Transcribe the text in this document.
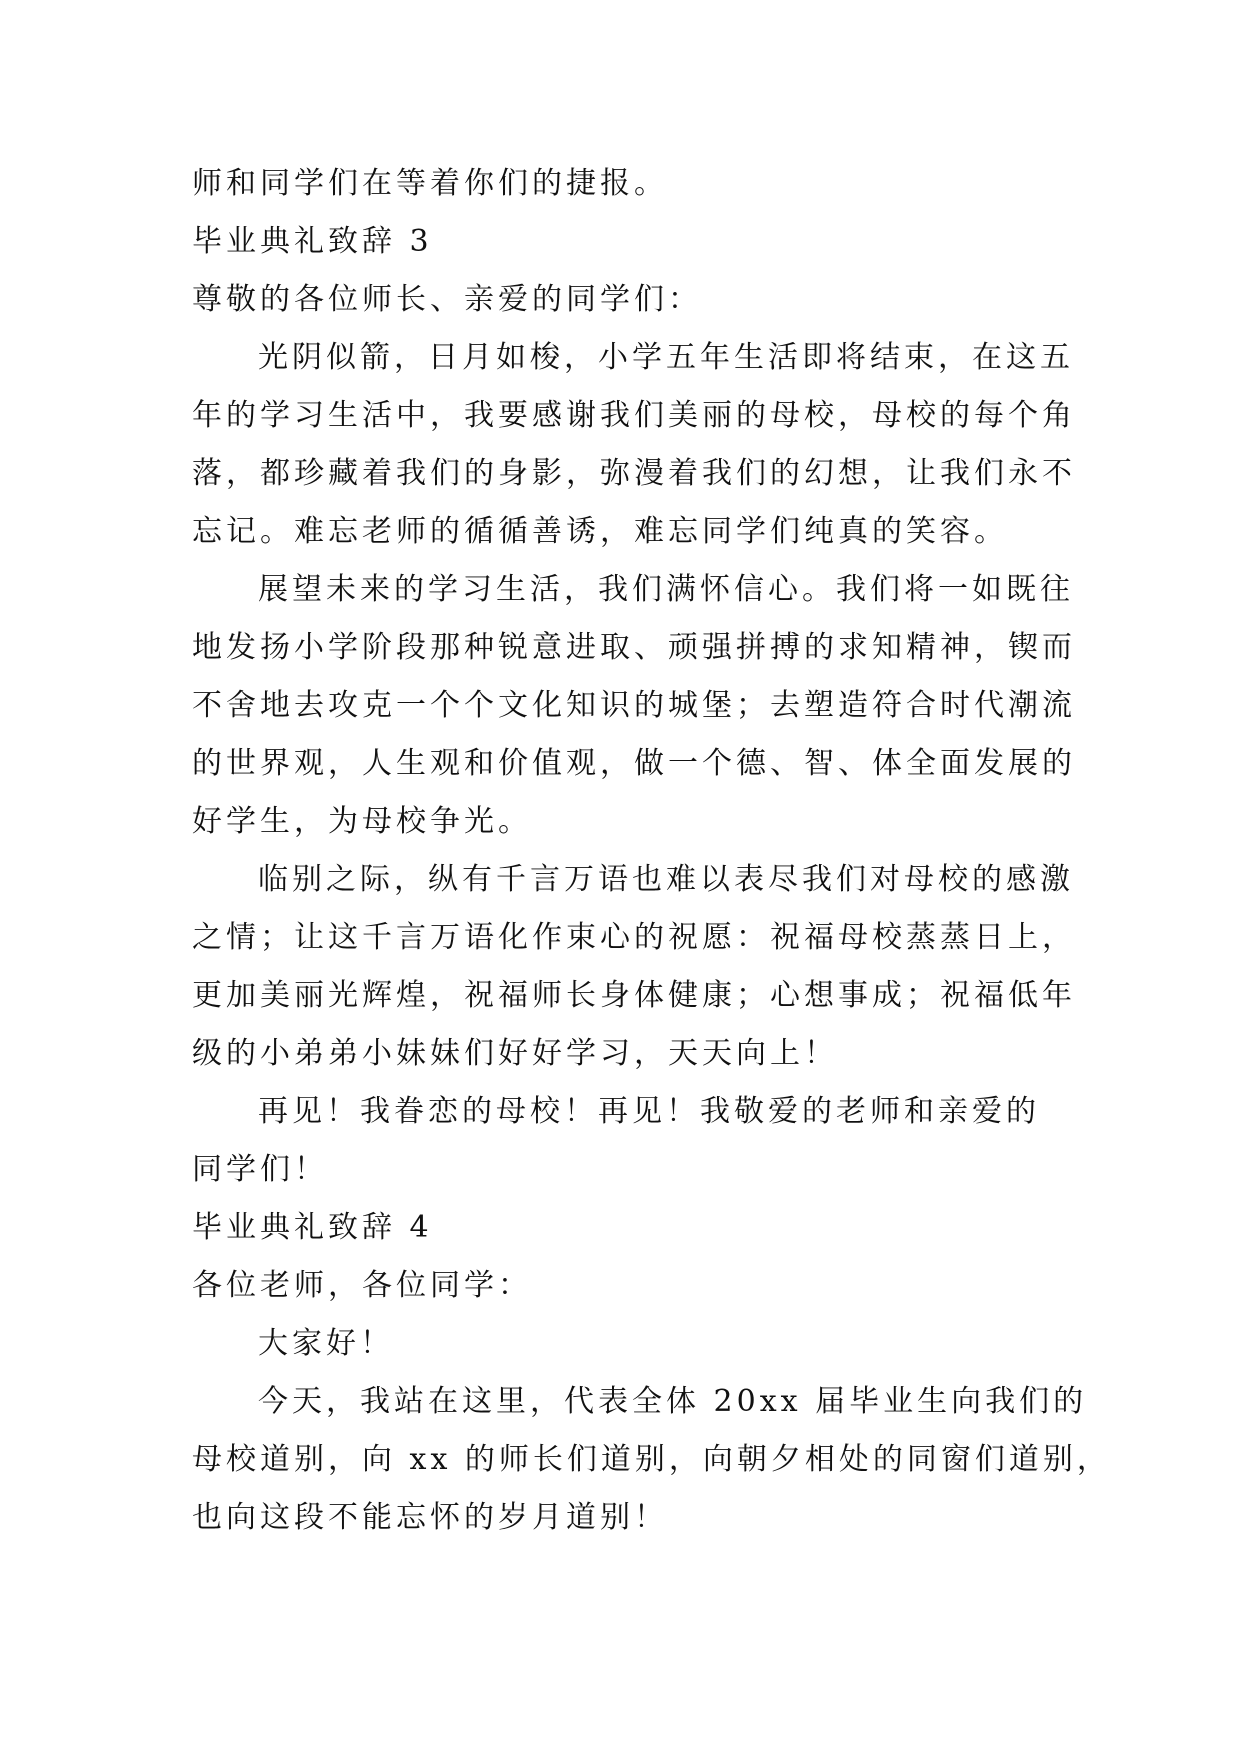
师和同学们在等着你们的捷报。

毕业典礼致辞 3

尊敬的各位师长、亲爱的同学们：

光阴似箭，日月如梭，小学五年生活即将结束，在这五

年的学习生活中，我要感谢我们美丽的母校，母校的每个角

落，都珍藏着我们的身影，弥漫着我们的幻想，让我们永不

忘记。难忘老师的循循善诱，难忘同学们纯真的笑容。

展望未来的学习生活，我们满怀信心。我们将一如既往

地发扬小学阶段那种锐意进取、顽强拼搏的求知精神，锲而

不舍地去攻克一个个文化知识的城堡；去塑造符合时代潮流

的世界观，人生观和价值观，做一个德、智、体全面发展的

好学生，为母校争光。

临别之际，纵有千言万语也难以表尽我们对母校的感激

之情；让这千言万语化作束心的祝愿：祝福母校蒸蒸日上，

更加美丽光辉煌，祝福师长身体健康；心想事成；祝福低年

级的小弟弟小妹妹们好好学习，天天向上！

再见！我眷恋的母校！再见！我敬爱的老师和亲爱的

同学们！

毕业典礼致辞 4

各位老师，各位同学：

大家好！

今天，我站在这里，代表全体 20xx 届毕业生向我们的

母校道别，向 xx 的师长们道别，向朝夕相处的同窗们道别，

也向这段不能忘怀的岁月道别！
